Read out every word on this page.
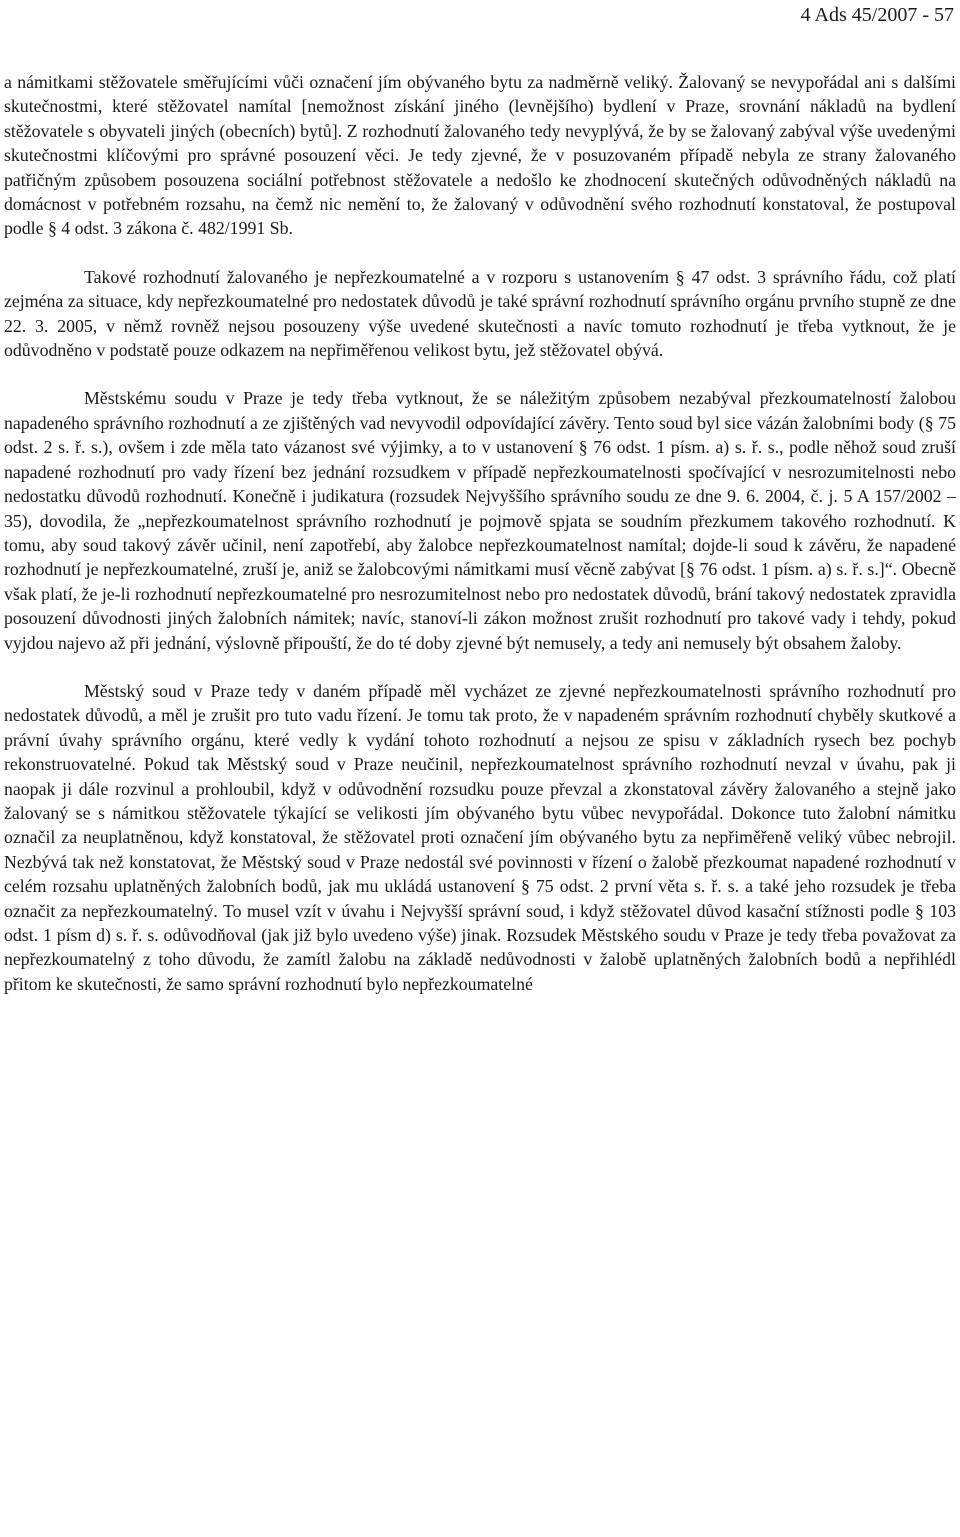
4 Ads 45/2007 - 57

a námitkami stěžovatele směřujícími vůči označení jím obývaného bytu za nadměrně veliký. Žalovaný se nevypořádal ani s dalšími skutečnostmi, které stěžovatel namítal [nemožnost získání jiného (levnějšího) bydlení v Praze, srovnání nákladů na bydlení stěžovatele s obyvateli jiných (obecních) bytů]. Z rozhodnutí žalovaného tedy nevyplývá, že by se žalovaný zabýval výše uvedenými skutečnostmi klíčovými pro správné posouzení věci. Je tedy zjevné, že v posuzovaném případě nebyla ze strany žalovaného patřičným způsobem posouzena sociální potřebnost stěžovatele a nedošlo ke zhodnocení skutečných odůvodněných nákladů na domácnost v potřebném rozsahu, na čemž nic nemění to, že žalovaný v odůvodnění svého rozhodnutí konstatoval, že postupoval podle § 4 odst. 3 zákona č. 482/1991 Sb.

Takové rozhodnutí žalovaného je nepřezkoumatelné a v rozporu s ustanovením § 47 odst. 3 správního řádu, což platí zejména za situace, kdy nepřezkoumatelné pro nedostatek důvodů je také správní rozhodnutí správního orgánu prvního stupně ze dne 22. 3. 2005, v němž rovněž nejsou posouzeny výše uvedené skutečnosti a navíc tomuto rozhodnutí je třeba vytknout, že je odůvodněno v podstatě pouze odkazem na nepřiměřenou velikost bytu, jež stěžovatel obývá.

Městskému soudu v Praze je tedy třeba vytknout, že se náležitým způsobem nezabýval přezkoumatelností žalobou napadeného správního rozhodnutí a ze zjištěných vad nevyvodil odpovídající závěry. Tento soud byl sice vázán žalobními body (§ 75 odst. 2 s. ř. s.), ovšem i zde měla tato vázanost své výjimky, a to v ustanovení § 76 odst. 1 písm. a) s. ř. s., podle něhož soud zruší napadené rozhodnutí pro vady řízení bez jednání rozsudkem v případě nepřezkoumatelnosti spočívající v nesrozumitelnosti nebo nedostatku důvodů rozhodnutí. Konečně i judikatura (rozsudek Nejvyššího správního soudu ze dne 9. 6. 2004, č. j. 5 A 157/2002 – 35), dovodila, že „nepřezkoumatelnost správního rozhodnutí je pojmově spjata se soudním přezkumem takového rozhodnutí. K tomu, aby soud takový závěr učinil, není zapotřebí, aby žalobce nepřezkoumatelnost namítal; dojde-li soud k závěru, že napadené rozhodnutí je nepřezkoumatelné, zruší je, aniž se žalobcovými námitkami musí věcně zabývat [§ 76 odst. 1 písm. a) s. ř. s.]“. Obecně však platí, že je-li rozhodnutí nepřezkoumatelné pro nesrozumitelnost nebo pro nedostatek důvodů, brání takový nedostatek zpravidla posouzení důvodnosti jiných žalobních námitek; navíc, stanoví-li zákon možnost zrušit rozhodnutí pro takové vady i tehdy, pokud vyjdou najevo až při jednání, výslovně připouští, že do té doby zjevné být nemusely, a tedy ani nemusely být obsahem žaloby.

Městský soud v Praze tedy v daném případě měl vycházet ze zjevné nepřezkoumatelnosti správního rozhodnutí pro nedostatek důvodů, a měl je zrušit pro tuto vadu řízení. Je tomu tak proto, že v napadeném správním rozhodnutí chyběly skutkové a právní úvahy správního orgánu, které vedly k vydání tohoto rozhodnutí a nejsou ze spisu v základních rysech bez pochyb rekonstruovatelné. Pokud tak Městský soud v Praze neučinil, nepřezkoumatelnost správního rozhodnutí nevzal v úvahu, pak ji naopak ji dále rozvinul a prohloubil, když v odůvodnění rozsudku pouze převzal a zkonstatoval závěry žalovaného a stejně jako žalovaný se s námitkou stěžovatele týkající se velikosti jím obývaného bytu vůbec nevypořádal. Dokonce tuto žalobní námitku označil za neuplatněnou, když konstatoval, že stěžovatel proti označení jím obývaného bytu za nepřiměřeně veliký vůbec nebrojil. Nezbývá tak než konstatovat, že Městský soud v Praze nedostál své povinnosti v řízení o žalobě přezkoumat napadené rozhodnutí v celém rozsahu uplatněných žalobních bodů, jak mu ukládá ustanovení § 75 odst. 2 první věta s. ř. s. a také jeho rozsudek je třeba označit za nepřezkoumatelný. To musel vzít v úvahu i Nejvyšší správní soud, i když stěžovatel důvod kasační stížnosti podle § 103 odst. 1 písm d) s. ř. s. odůvodňoval (jak již bylo uvedeno výše) jinak. Rozsudek Městského soudu v Praze je tedy třeba považovat za nepřezkoumatelný z toho důvodu, že zamítl žalobu na základě nedůvodnosti v žalobě uplatněných žalobních bodů a nepřihlédl přitom ke skutečnosti, že samo správní rozhodnutí bylo nepřezkoumatelné
